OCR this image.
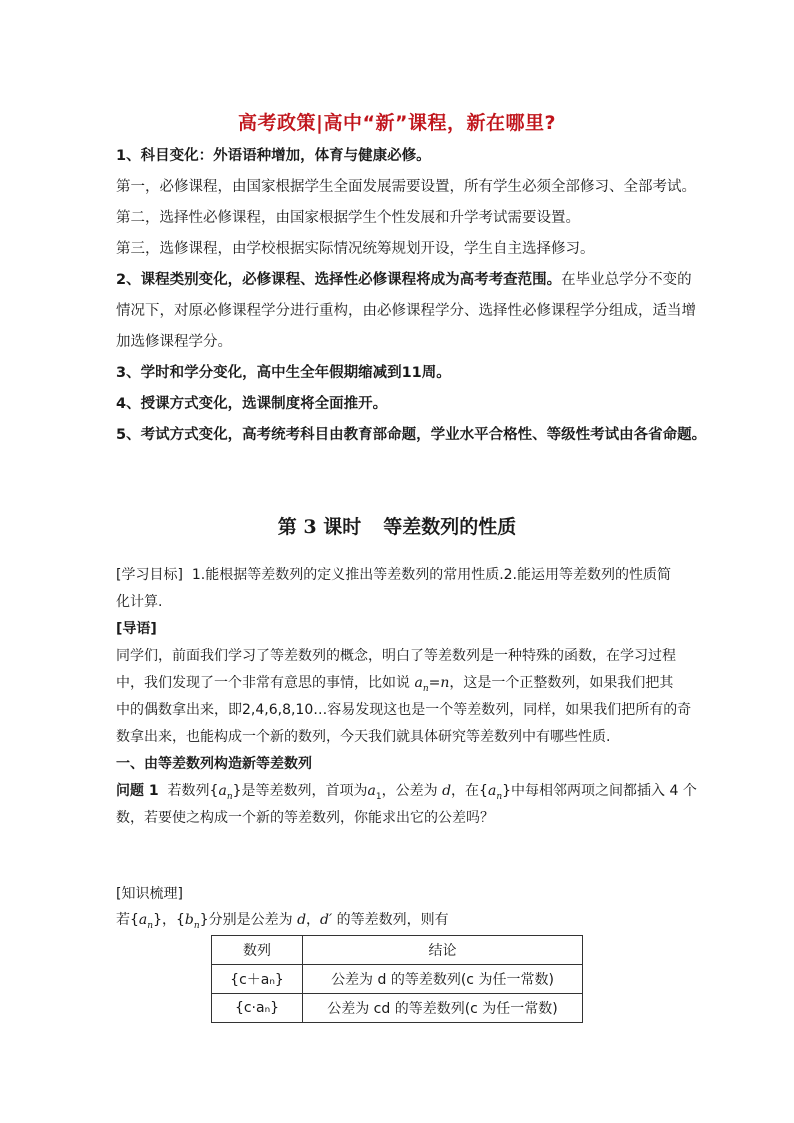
高考政策|高中“新”课程，新在哪里?
1、科目变化：外语语种增加，体育与健康必修。
第一，必修课程，由国家根据学生全面发展需要设置，所有学生必须全部修习、全部考试。
第二，选择性必修课程，由国家根据学生个性发展和升学考试需要设置。
第三，选修课程，由学校根据实际情况统筹规划开设，学生自主选择修习。
2、课程类别变化，必修课程、选择性必修课程将成为高考考查范围。在毕业总学分不变的
情况下，对原必修课程学分进行重构，由必修课程学分、选择性必修课程学分组成，适当增
加选修课程学分。
3、学时和学分变化，高中生全年假期缩减到11周。
4、授课方式变化，选课制度将全面推开。
5、考试方式变化，高考统考科目由教育部命题，学业水平合格性、等级性考试由各省命题。
第 3 课时 等差数列的性质
[学习目标] 1.能根据等差数列的定义推出等差数列的常用性质.2.能运用等差数列的性质简
化计算.
[导语]
同学们，前面我们学习了等差数列的概念，明白了等差数列是一种特殊的函数，在学习过程
中，我们发现了一个非常有意思的事情，比如说 $a_n=n$，这是一个正整数列，如果我们把其
中的偶数拿出来，即2,4,6,8,10…容易发现这也是一个等差数列，同样，如果我们把所有的奇
数拿出来，也能构成一个新的数列，今天我们就具体研究等差数列中有哪些性质.
一、由等差数列构造新等差数列
问题 1 若数列$\{a_n\}$是等差数列，首项为$a_1$，公差为 d，在$\{a_n\}$中每相邻两项之间都插入 4 个
数，若要使之构成一个新的等差数列，你能求出它的公差吗？
[知识梳理]
若$\{a_n\}$，$\{b_n\}$分别是公差为 d，d′ 的等差数列，则有
数列	结论
{c＋aₙ}	公差为 d 的等差数列(c 为任一常数)
{c·aₙ}	公差为 cd 的等差数列(c 为任一常数)
